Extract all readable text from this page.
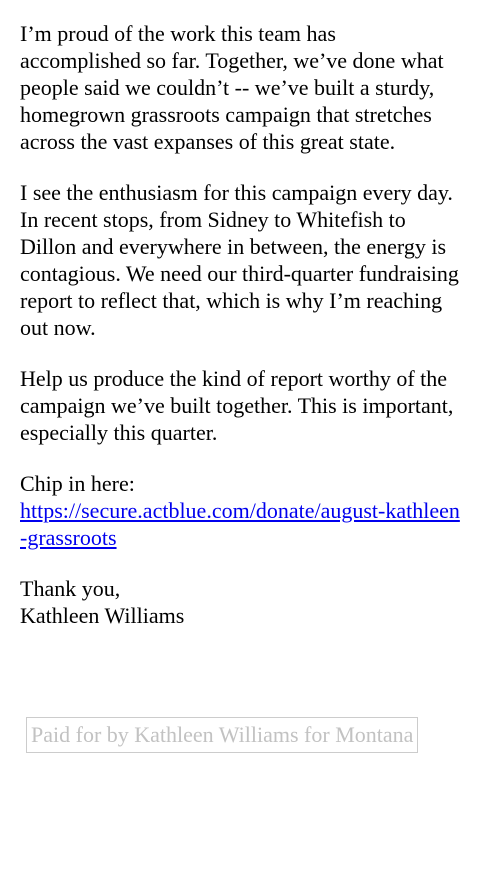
I’m proud of the work this team has accomplished so far. Together, we’ve done what people said we couldn’t -- we’ve built a sturdy, homegrown grassroots campaign that stretches across the vast expanses of this great state.

I see the enthusiasm for this campaign every day. In recent stops, from Sidney to Whitefish to Dillon and everywhere in between, the energy is contagious. We need our third-quarter fundraising report to reflect that, which is why I’m reaching out now.

Help us produce the kind of report worthy of the campaign we’ve built together. This is important, especially this quarter.

Chip in here:
https://secure.actblue.com/donate/august-kathleen-grassroots

Thank you,
Kathleen Williams

Paid for by Kathleen Williams for Montana
